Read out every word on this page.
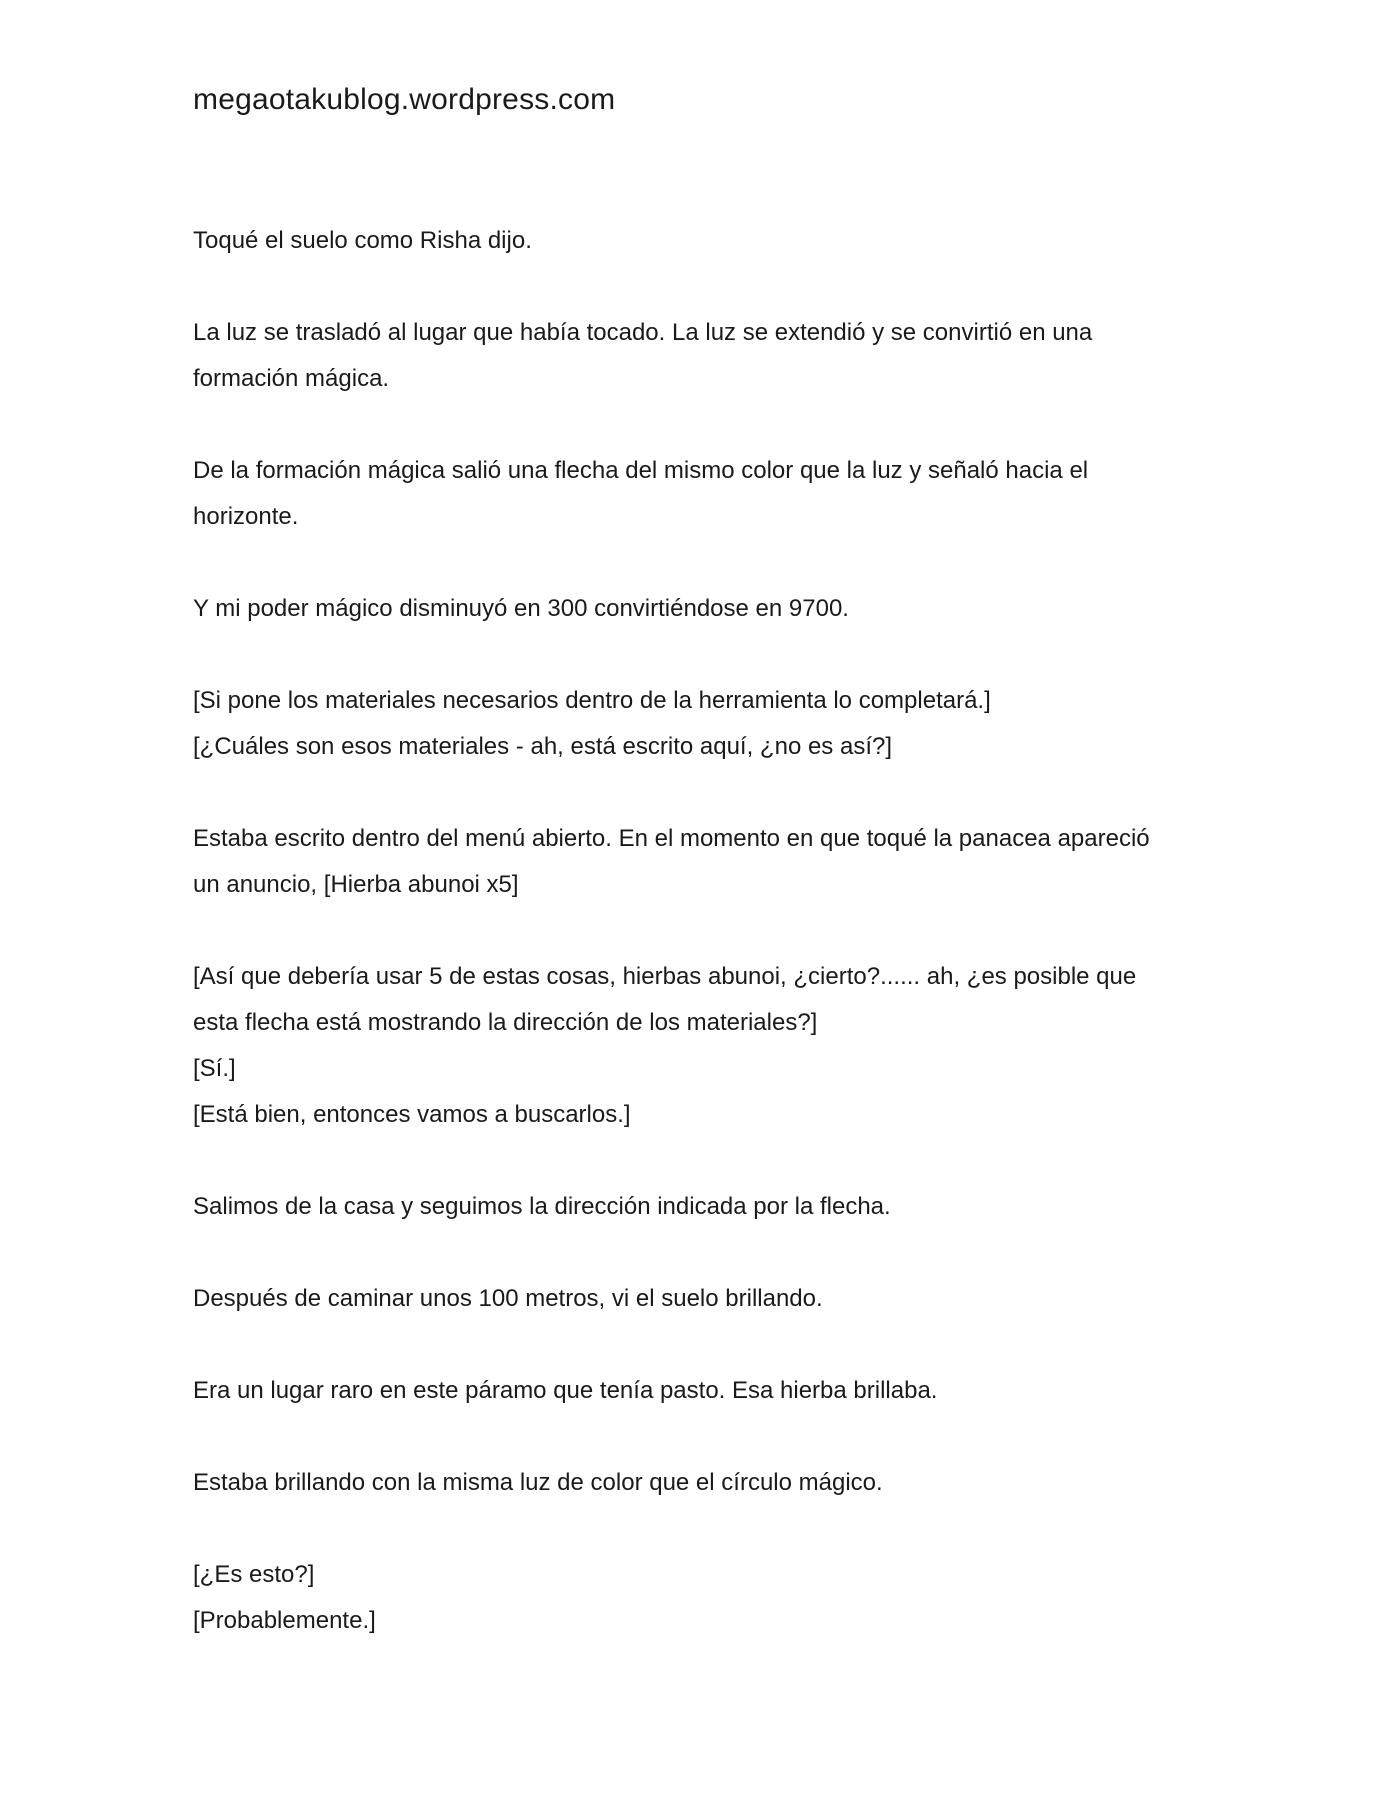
megaotakublog.wordpress.com

Toqué el suelo como Risha dijo.

La luz se trasladó al lugar que había tocado. La luz se extendió y se convirtió en una
formación mágica.

De la formación mágica salió una flecha del mismo color que la luz y señaló hacia el
horizonte.

Y mi poder mágico disminuyó en 300 convirtiéndose en 9700.

[Si pone los materiales necesarios dentro de la herramienta lo completará.]
[¿Cuáles son esos materiales - ah, está escrito aquí, ¿no es así?]

Estaba escrito dentro del menú abierto. En el momento en que toqué la panacea apareció
un anuncio, [Hierba abunoi x5]

[Así que debería usar 5 de estas cosas, hierbas abunoi, ¿cierto?...... ah, ¿es posible que
esta flecha está mostrando la dirección de los materiales?]
[Sí.]
[Está bien, entonces vamos a buscarlos.]

Salimos de la casa y seguimos la dirección indicada por la flecha.

Después de caminar unos 100 metros, vi el suelo brillando.

Era un lugar raro en este páramo que tenía pasto. Esa hierba brillaba.

Estaba brillando con la misma luz de color que el círculo mágico.

[¿Es esto?]
[Probablemente.]
